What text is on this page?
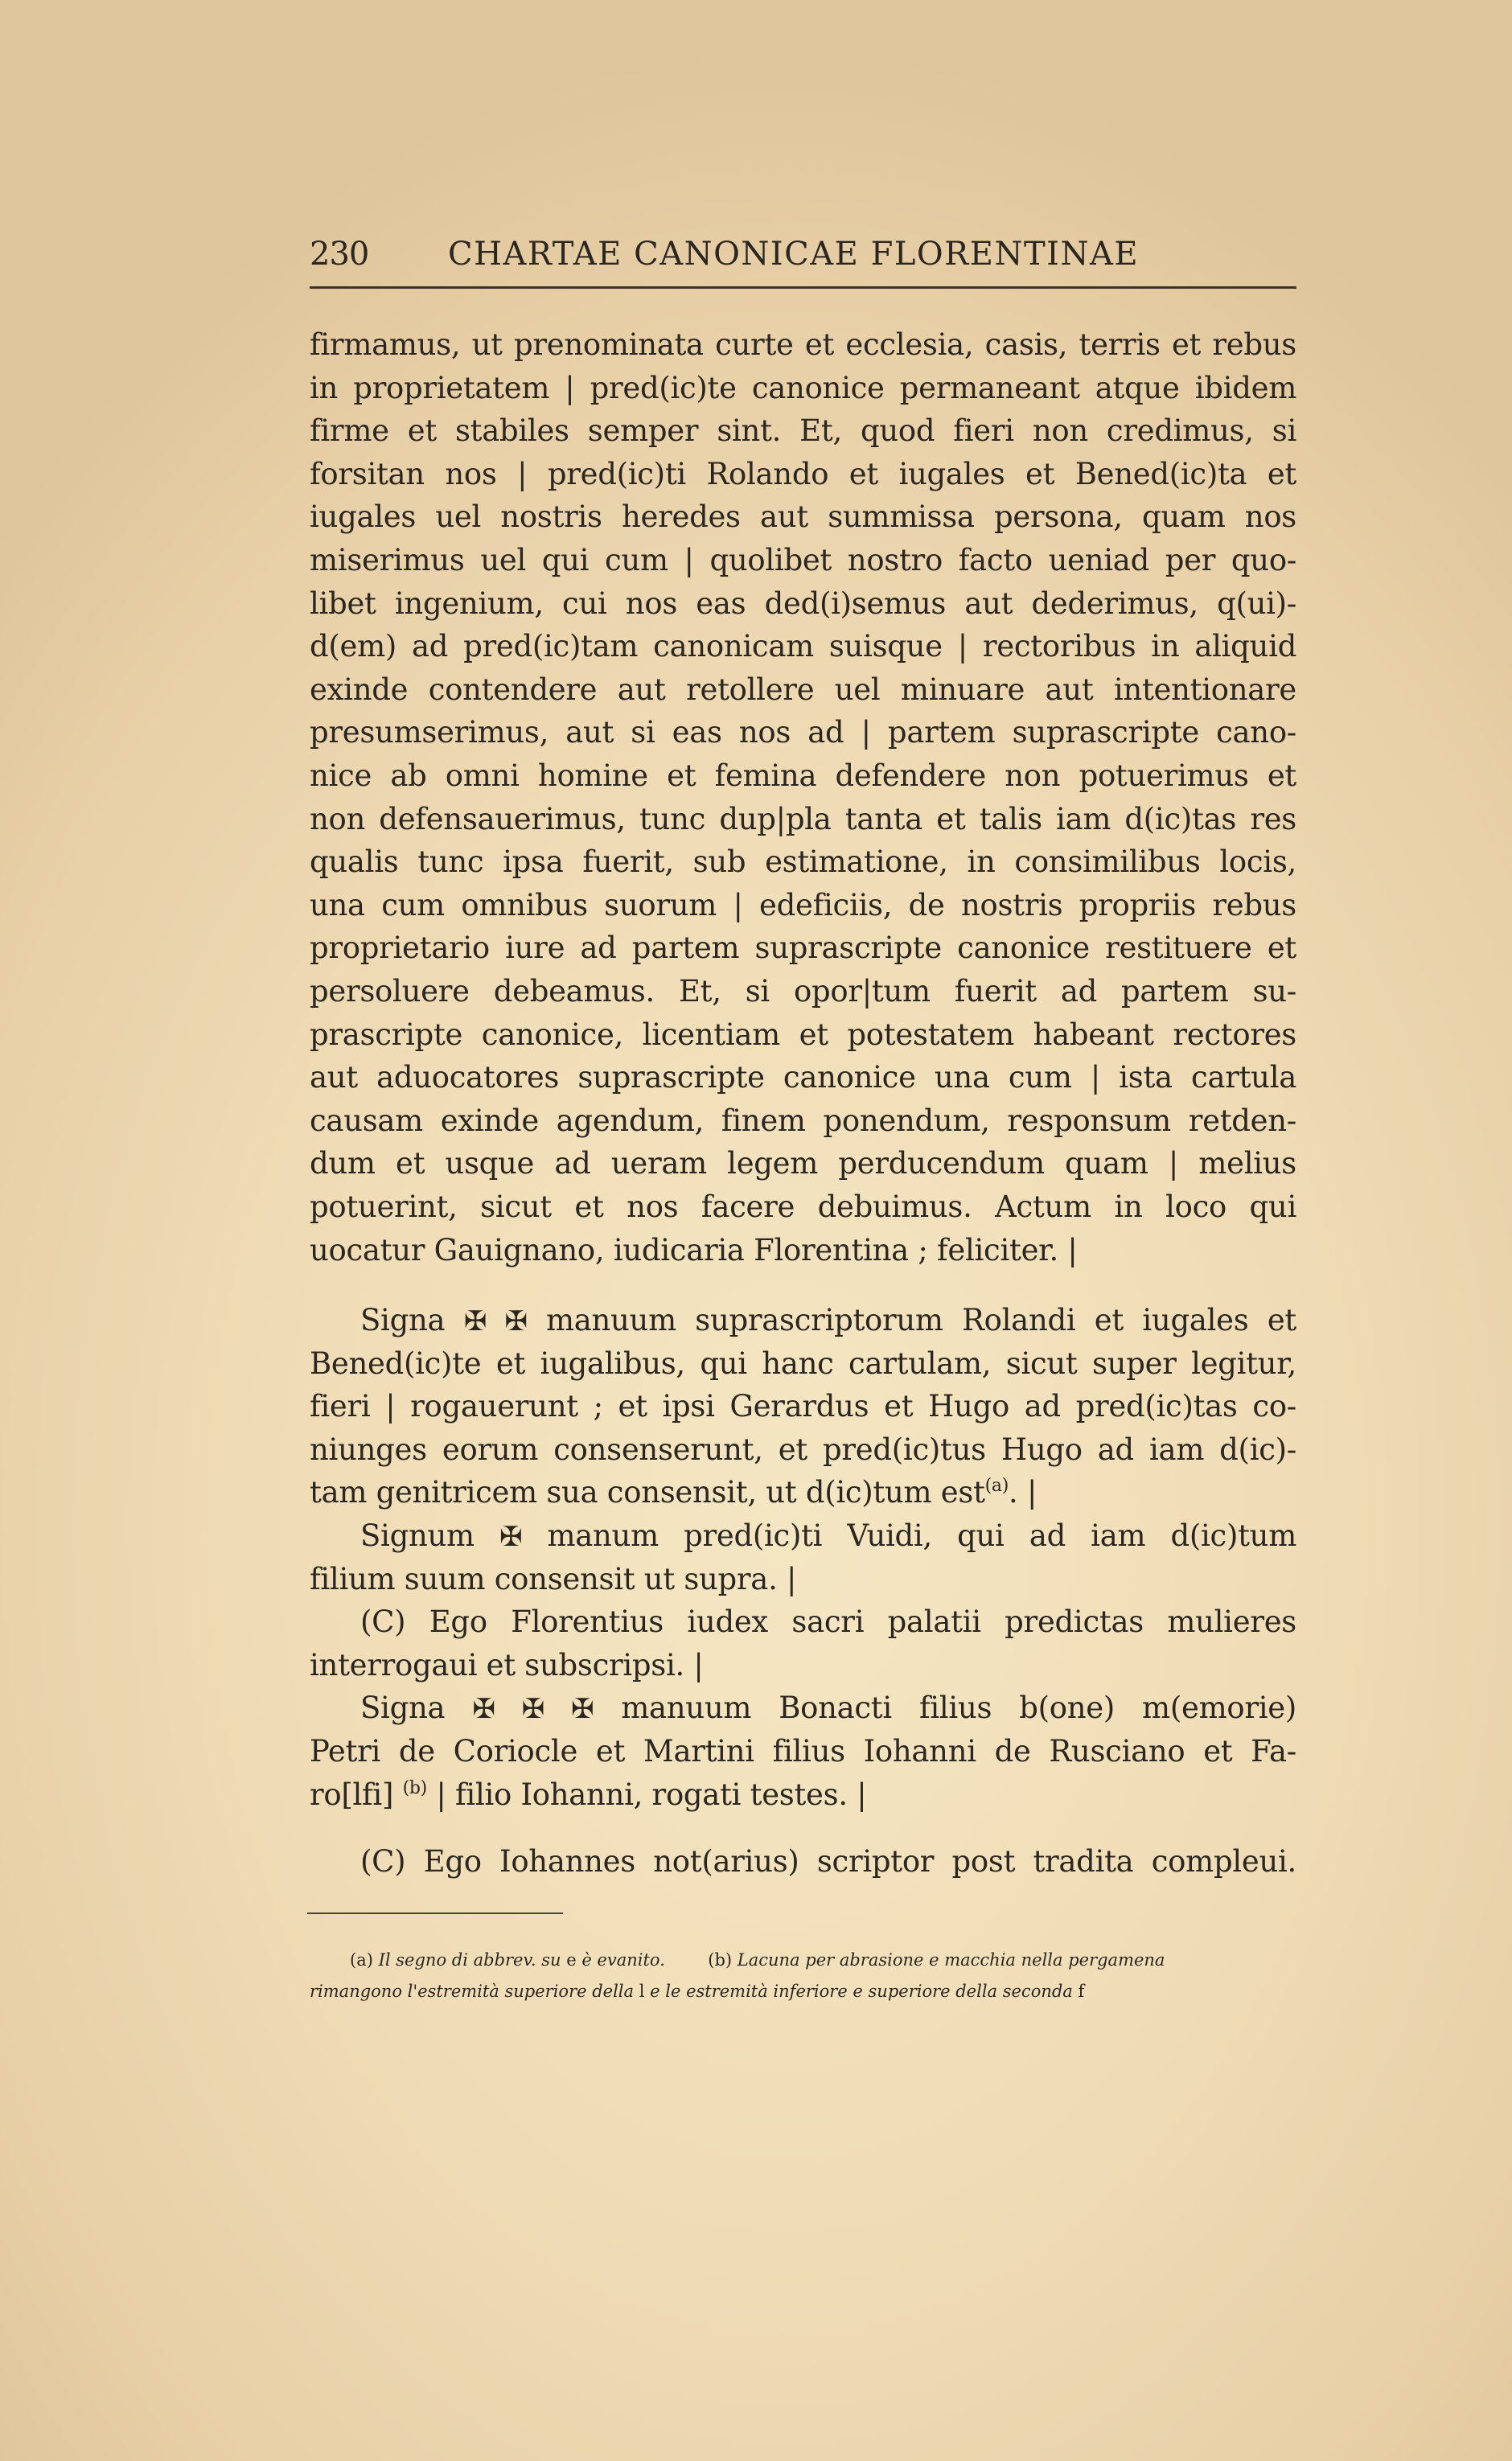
230 CHARTAE CANONICAE FLORENTINAE
firmamus, ut prenominata curte et ecclesia, casis, terris et rebus
in proprietatem | pred(ic)te canonice permaneant atque ibidem
firme et stabiles semper sint. Et, quod fieri non credimus, si
forsitan nos | pred(ic)ti Rolando et iugales et Bened(ic)ta et
iugales uel nostris heredes aut summissa persona, quam nos
miserimus uel qui cum | quolibet nostro facto ueniad per quo-
libet ingenium, cui nos eas ded(i)semus aut dederimus, q(ui)-
d(em) ad pred(ic)tam canonicam suisque | rectoribus in aliquid
exinde contendere aut retollere uel minuare aut intentionare
presumserimus, aut si eas nos ad | partem suprascripte cano-
nice ab omni homine et femina defendere non potuerimus et
non defensauerimus, tunc dup|pla tanta et talis iam d(ic)tas res
qualis tunc ipsa fuerit, sub estimatione, in consimilibus locis,
una cum omnibus suorum | edeficiis, de nostris propriis rebus
proprietario iure ad partem suprascripte canonice restituere et
persoluere debeamus. Et, si opor|tum fuerit ad partem su-
prascripte canonice, licentiam et potestatem habeant rectores
aut aduocatores suprascripte canonice una cum | ista cartula
causam exinde agendum, finem ponendum, responsum retden-
dum et usque ad ueram legem perducendum quam | melius
potuerint, sicut et nos facere debuimus. Actum in loco qui
uocatur Gauignano, iudicaria Florentina ; feliciter. |
Signa ✠ ✠ manuum suprascriptorum Rolandi et iugales et
Bened(ic)te et iugalibus, qui hanc cartulam, sicut super legitur,
fieri | rogauerunt ; et ipsi Gerardus et Hugo ad pred(ic)tas co-
niunges eorum consenserunt, et pred(ic)tus Hugo ad iam d(ic)-
tam genitricem sua consensit, ut d(ic)tum est$^{(a)}$. |
Signum ✠ manum pred(ic)ti Vuidi, qui ad iam d(ic)tum
filium suum consensit ut supra. |
(C) Ego Florentius iudex sacri palatii predictas mulieres
interrogaui et subscripsi. |
Signa ✠ ✠ ✠ manuum Bonacti filius b(one) m(emorie)
Petri de Coriocle et Martini filius Iohanni de Rusciano et Fa-
ro[lfi] $^{(b)}$ | filio Iohanni, rogati testes. |
(C) Ego Iohannes not(arius) scriptor post tradita compleui.
(a) Il segno di abbrev. su e è evanito.	(b) Lacuna per abrasione e macchia nella pergamena
rimangono l'estremità superiore della l e le estremità inferiore e superiore della seconda f
